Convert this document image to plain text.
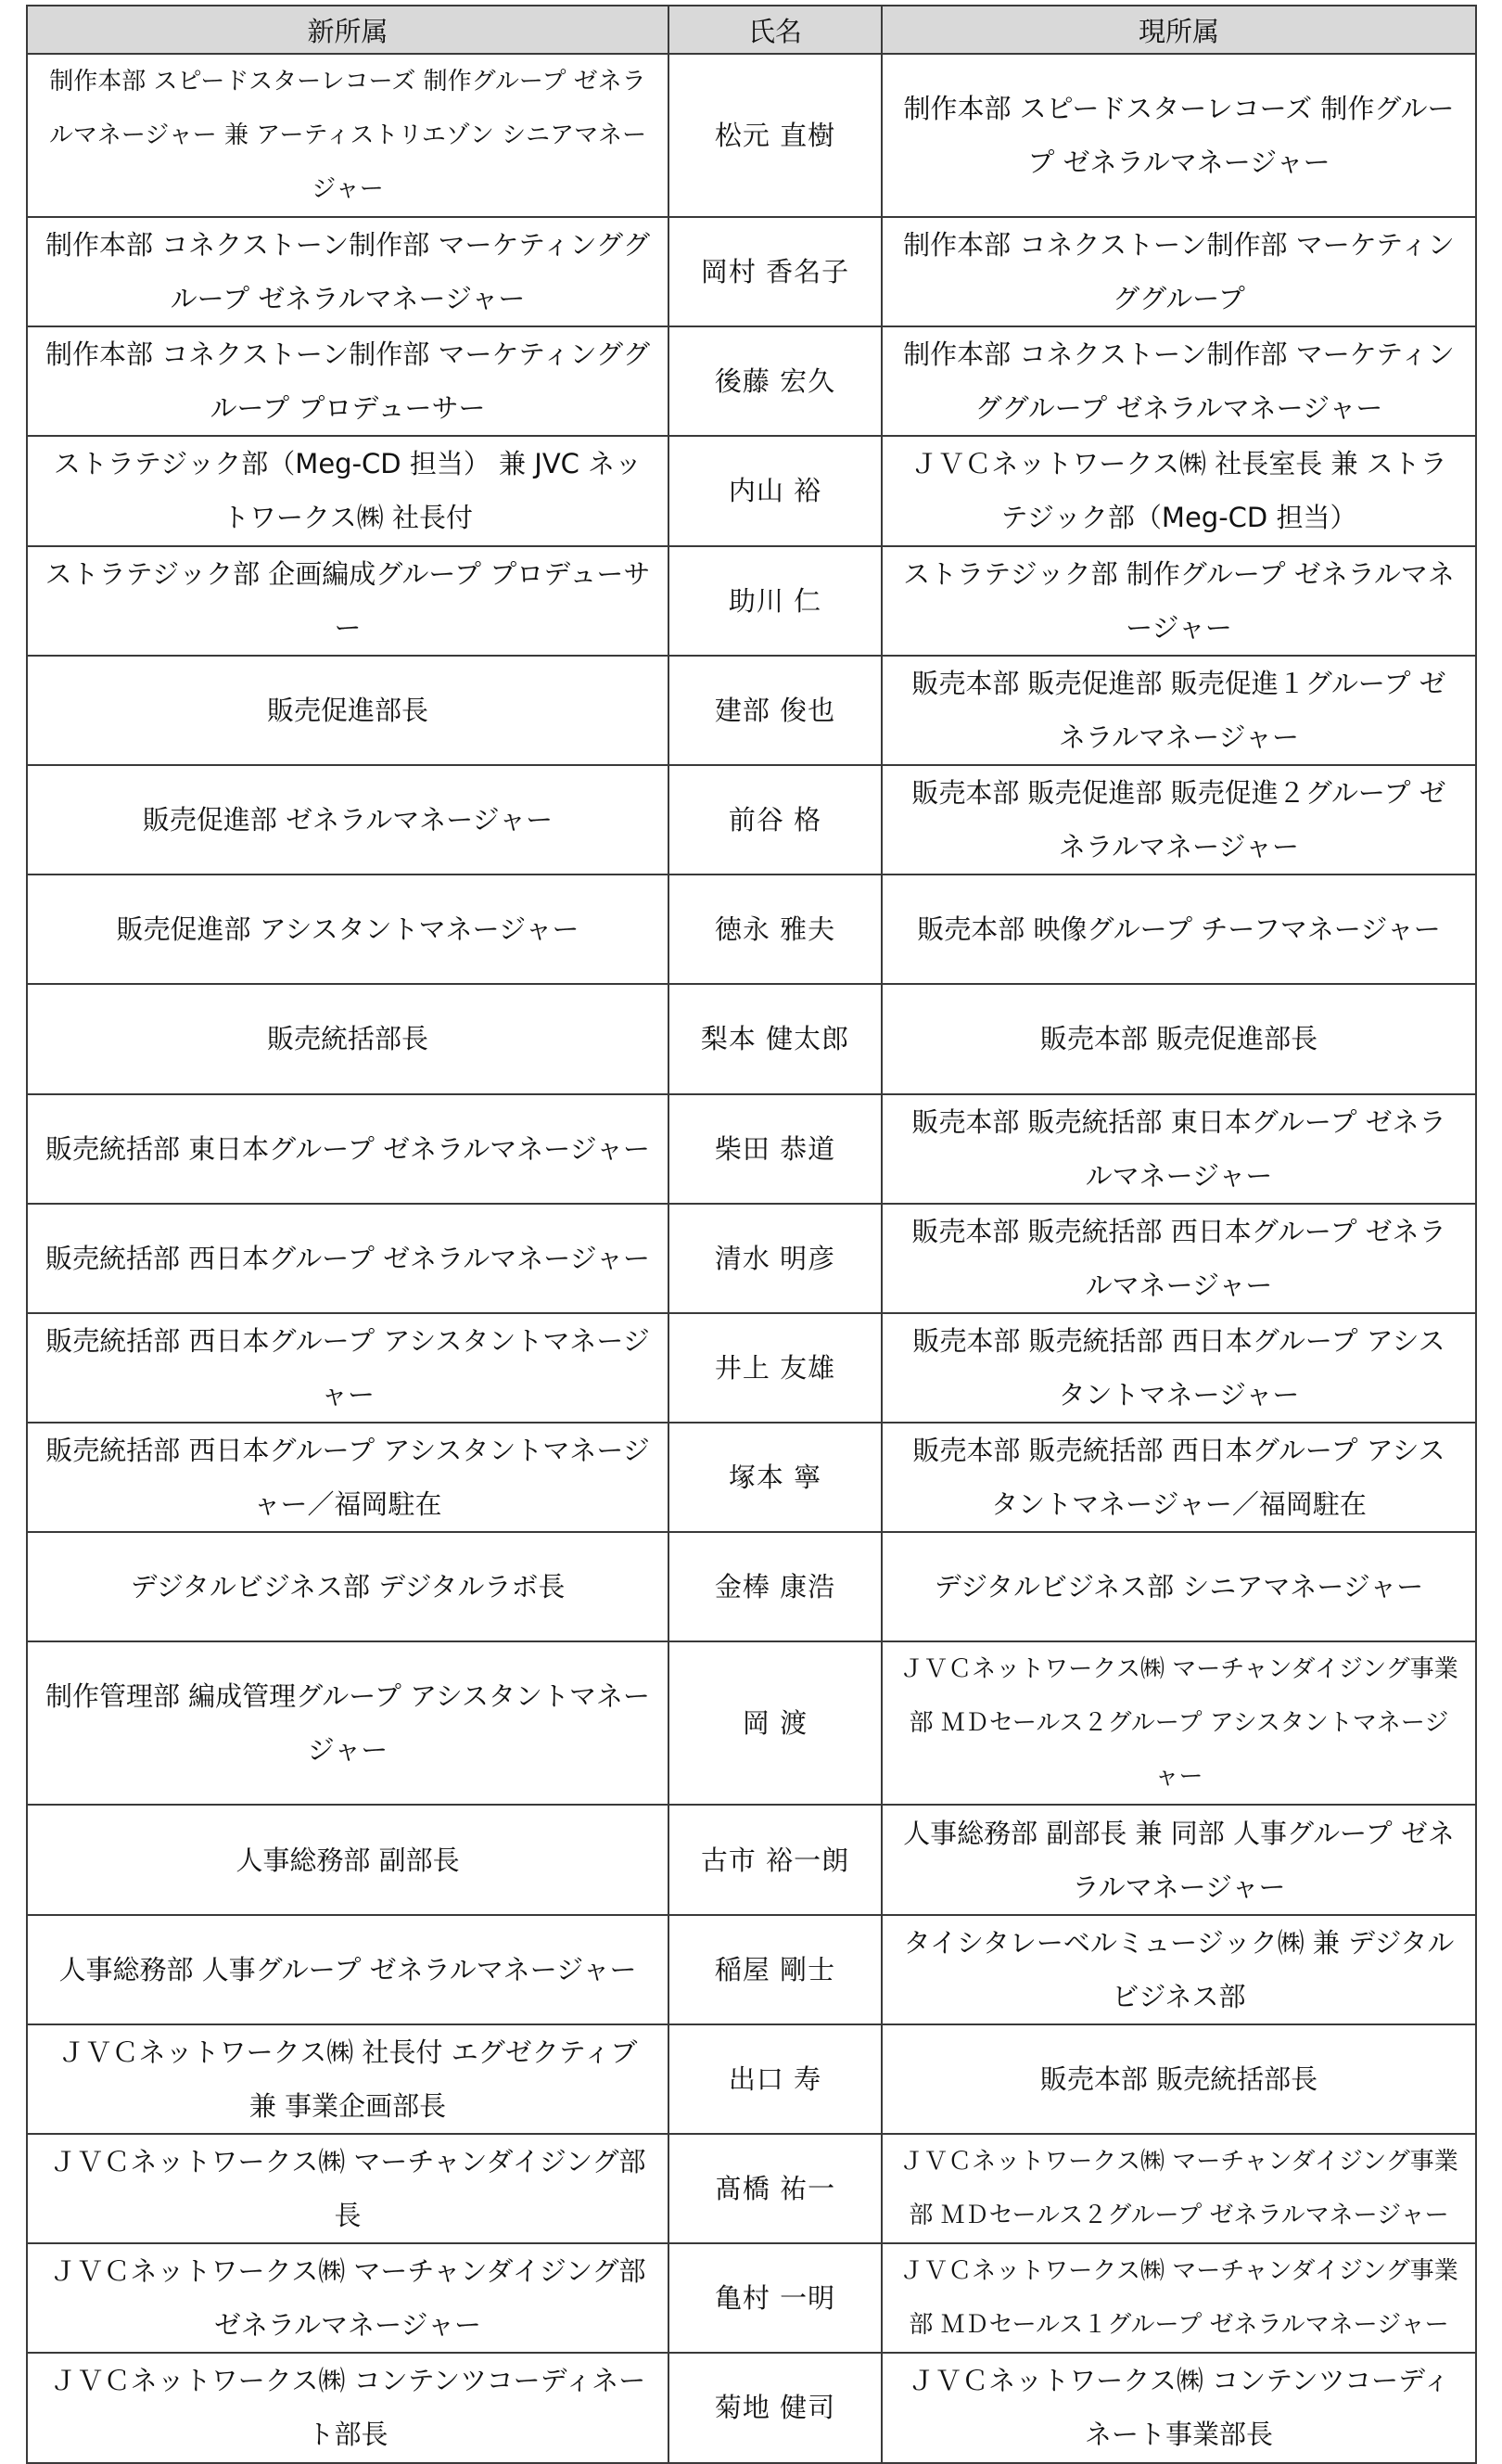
新所属	氏名	現所属
制作本部 スピードスターレコーズ 制作グループ ゼネラルマネージャー 兼 アーティストリエゾン シニアマネージャー	松元 直樹	制作本部 スピードスターレコーズ 制作グループ ゼネラルマネージャー
制作本部 コネクストーン制作部 マーケティンググループ ゼネラルマネージャー	岡村 香名子	制作本部 コネクストーン制作部 マーケティンググループ
制作本部 コネクストーン制作部 マーケティンググループ プロデューサー	後藤 宏久	制作本部 コネクストーン制作部 マーケティンググループ ゼネラルマネージャー
ストラテジック部（Meg-CD 担当） 兼 JVC ネットワークス㈱ 社長付	内山 裕	ＪＶＣネットワークス㈱ 社長室長 兼 ストラテジック部（Meg-CD 担当）
ストラテジック部 企画編成グループ プロデューサー	助川 仁	ストラテジック部 制作グループ ゼネラルマネージャー
販売促進部長	建部 俊也	販売本部 販売促進部 販売促進１グループ ゼネラルマネージャー
販売促進部 ゼネラルマネージャー	前谷 格	販売本部 販売促進部 販売促進２グループ ゼネラルマネージャー
販売促進部 アシスタントマネージャー	徳永 雅夫	販売本部 映像グループ チーフマネージャー
販売統括部長	梨本 健太郎	販売本部 販売促進部長
販売統括部 東日本グループ ゼネラルマネージャー	柴田 恭道	販売本部 販売統括部 東日本グループ ゼネラルマネージャー
販売統括部 西日本グループ ゼネラルマネージャー	清水 明彦	販売本部 販売統括部 西日本グループ ゼネラルマネージャー
販売統括部 西日本グループ アシスタントマネージャー	井上 友雄	販売本部 販売統括部 西日本グループ アシスタントマネージャー
販売統括部 西日本グループ アシスタントマネージャー／福岡駐在	塚本 寧	販売本部 販売統括部 西日本グループ アシスタントマネージャー／福岡駐在
デジタルビジネス部 デジタルラボ長	金棒 康浩	デジタルビジネス部 シニアマネージャー
制作管理部 編成管理グループ アシスタントマネージャー	岡 渡	ＪＶＣネットワークス㈱ マーチャンダイジング事業部 ＭＤセールス２グループ アシスタントマネージャー
人事総務部 副部長	古市 裕一朗	人事総務部 副部長 兼 同部 人事グループ ゼネラルマネージャー
人事総務部 人事グループ ゼネラルマネージャー	稲屋 剛士	タイシタレーベルミュージック㈱ 兼 デジタルビジネス部
ＪＶＣネットワークス㈱ 社長付 エグゼクティブ 兼 事業企画部長	出口 寿	販売本部 販売統括部長
ＪＶＣネットワークス㈱ マーチャンダイジング部長	髙橋 祐一	ＪＶＣネットワークス㈱ マーチャンダイジング事業部 ＭＤセールス２グループ ゼネラルマネージャー
ＪＶＣネットワークス㈱ マーチャンダイジング部 ゼネラルマネージャー	亀村 一明	ＪＶＣネットワークス㈱ マーチャンダイジング事業部 ＭＤセールス１グループ ゼネラルマネージャー
ＪＶＣネットワークス㈱ コンテンツコーディネート部長	菊地 健司	ＪＶＣネットワークス㈱ コンテンツコーディネート事業部長
